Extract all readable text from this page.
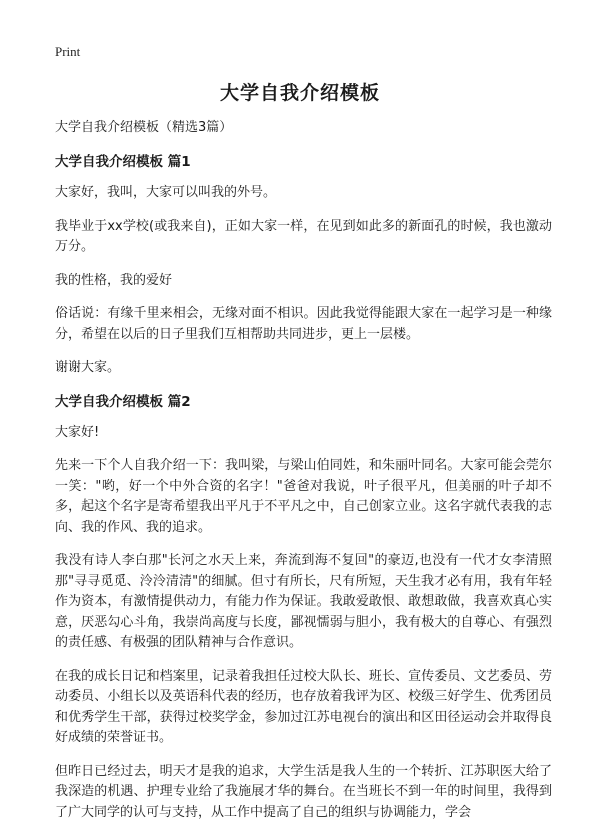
Print
大学自我介绍模板
大学自我介绍模板（精选3篇）
大学自我介绍模板 篇1

大家好，我叫，大家可以叫我的外号。

我毕业于xx学校(或我来自)，正如大家一样，在见到如此多的新面孔的时候，我也激动万分。

我的性格，我的爱好

俗话说：有缘千里来相会，无缘对面不相识。因此我觉得能跟大家在一起学习是一种缘分，希望在以后的日子里我们互相帮助共同进步，更上一层楼。

谢谢大家。

大学自我介绍模板 篇2

大家好!

先来一下个人自我介绍一下：我叫梁，与梁山伯同姓，和朱丽叶同名。大家可能会莞尔一笑："哟，好一个中外合资的名字！"爸爸对我说，叶子很平凡，但美丽的叶子却不多，起这个名字是寄希望我出平凡于不平凡之中，自己创家立业。这名字就代表我的志向、我的作风、我的追求。

我没有诗人李白那"长河之水天上来，奔流到海不复回"的豪迈,也没有一代才女李清照那"寻寻觅觅、泠泠清清"的细腻。但寸有所长，尺有所短，天生我才必有用，我有年轻作为资本，有激情提供动力，有能力作为保证。我敢爱敢恨、敢想敢做，我喜欢真心实意，厌恶勾心斗角，我崇尚高度与长度，鄙视懦弱与胆小，我有极大的自尊心、有强烈的责任感、有极强的团队精神与合作意识。

在我的成长日记和档案里，记录着我担任过校大队长、班长、宣传委员、文艺委员、劳动委员、小组长以及英语科代表的经历，也存放着我评为区、校级三好学生、优秀团员和优秀学生干部，获得过校奖学金，参加过江苏电视台的演出和区田径运动会并取得良好成绩的荣誉证书。

但昨日已经过去，明天才是我的追求，大学生活是我人生的一个转折、江苏职医大给了我深造的机遇、护理专业给了我施展才华的舞台。在当班长不到一年的时间里，我得到了广大同学的认可与支持，从工作中提高了自己的组织与协调能力，学会
